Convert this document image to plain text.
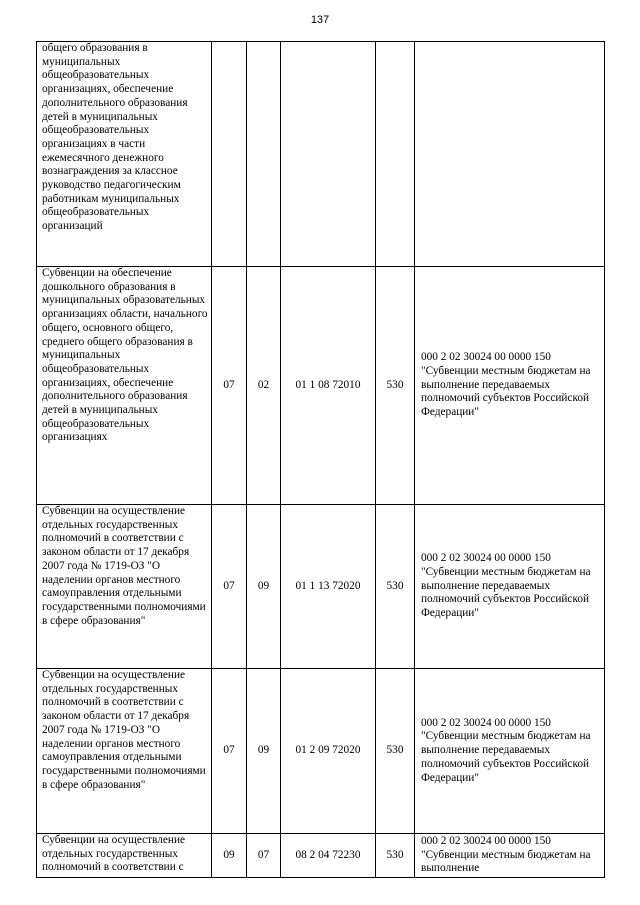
137
общего образования в муниципальных общеобразовательных организациях, обеспечение дополнительного образования детей в муниципальных общеобразовательных организациях в части ежемесячного денежного вознаграждения за классное руководство педагогическим работникам муниципальных общеобразовательных организаций					

Субвенции на обеспечение дошкольного образования в муниципальных образовательных организациях области, начального общего, основного общего, среднего общего образования в муниципальных общеобразовательных организациях, обеспечение дополнительного образования детей в муниципальных общеобразовательных организациях	07	02	01 1 08 72010	530	000 2 02 30024 00 0000 150
"Субвенции местным бюджетам на выполнение передаваемых полномочий субъектов Российской Федерации"

Субвенции на осуществление отдельных государственных полномочий в соответствии с законом области от 17 декабря 2007 года № 1719-ОЗ "О наделении органов местного самоуправления отдельными государственными полномочиями в сфере образования"	07	09	01 1 13 72020	530	000 2 02 30024 00 0000 150
"Субвенции местным бюджетам на выполнение передаваемых полномочий субъектов Российской Федерации"

Субвенции на осуществление отдельных государственных полномочий в соответствии с законом области от 17 декабря 2007 года № 1719-ОЗ "О наделении органов местного самоуправления отдельными государственными полномочиями в сфере образования"	07	09	01 2 09 72020	530	000 2 02 30024 00 0000 150
"Субвенции местным бюджетам на выполнение передаваемых полномочий субъектов Российской Федерации"

Субвенции на осуществление отдельных государственных полномочий в соответствии с	09	07	08 2 04 72230	530	000 2 02 30024 00 0000 150
"Субвенции местным бюджетам на выполнение
